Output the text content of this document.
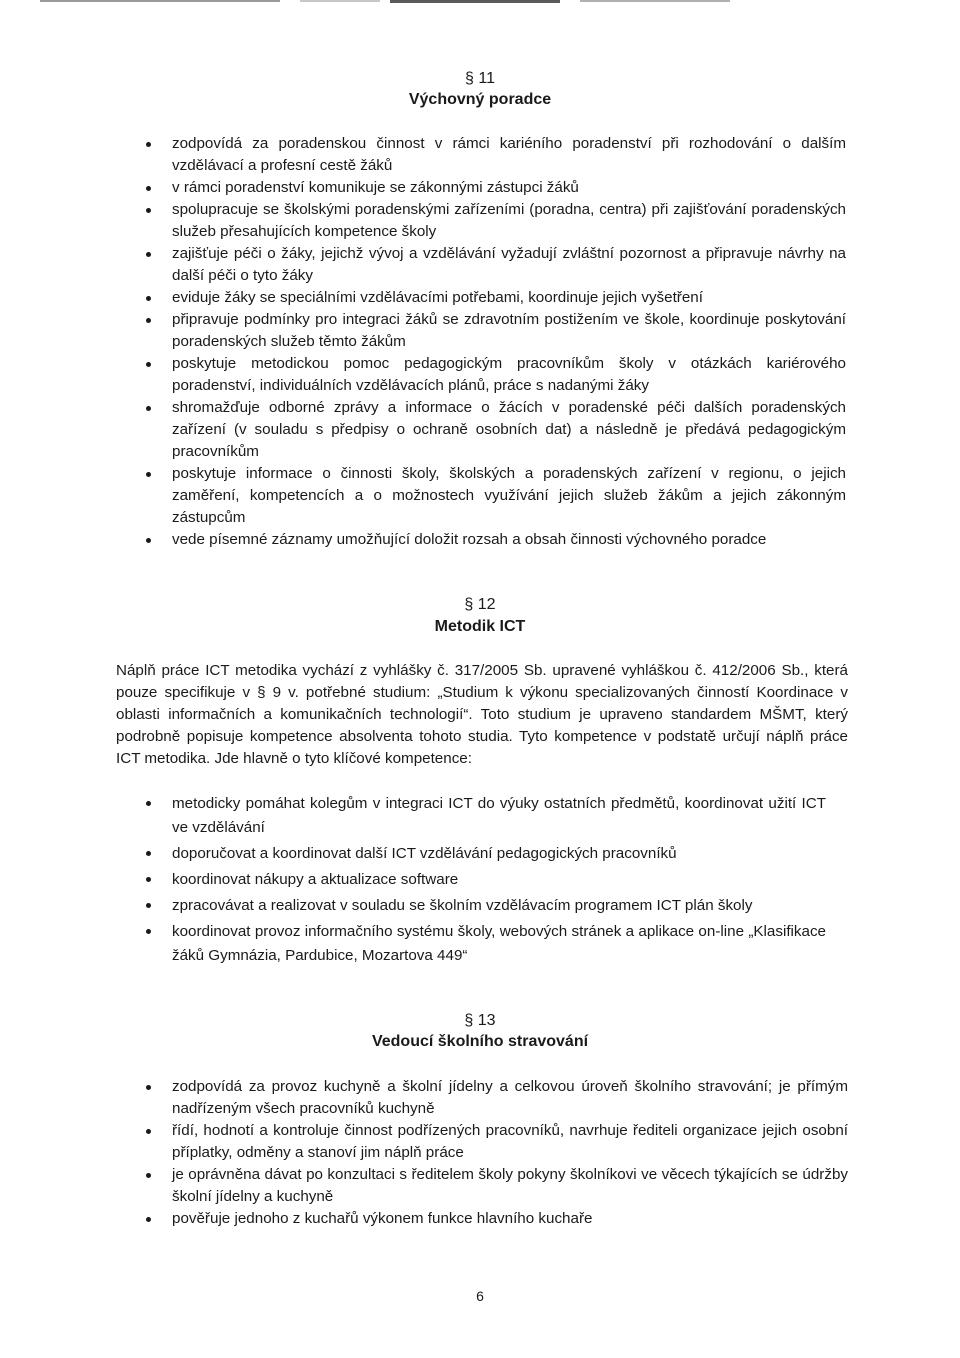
§ 11
Výchovný poradce
zodpovídá za poradenskou činnost v rámci kariéního poradenství při rozhodování o dalším vzdělávací a profesní cestě žáků
v rámci poradenství komunikuje se zákonnými zástupci žáků
spolupracuje se školskými poradenskými zařízeními (poradna, centra) při zajišťování poradenských služeb přesahujících kompetence školy
zajišťuje péči o žáky, jejichž vývoj a vzdělávání vyžadují zvláštní pozornost a připravuje návrhy na další péči o tyto žáky
eviduje žáky se speciálními vzdělávacími potřebami, koordinuje jejich vyšetření
připravuje podmínky pro integraci žáků se zdravotním postižením ve škole, koordinuje poskytování poradenských služeb těmto žákům
poskytuje metodickou pomoc pedagogickým pracovníkům školy v otázkách kariérového poradenství, individuálních vzdělávacích plánů, práce s nadanými žáky
shromažďuje odborné zprávy a informace o žácích v poradenské péči dalších poradenských zařízení (v souladu s předpisy o ochraně osobních dat) a následně je předává pedagogickým pracovníkům
poskytuje informace o činnosti školy, školských a poradenských zařízení v regionu, o jejich zaměření, kompetencích a o možnostech využívání jejich služeb žákům a jejich zákonným zástupcům
vede písemné záznamy umožňující doložit rozsah a obsah činnosti výchovného poradce
§ 12
Metodik ICT

Náplň práce ICT metodika vychází z vyhlášky č. 317/2005 Sb. upravené vyhláškou č. 412/2006 Sb., která pouze specifikuje v § 9 v. potřebné studium: „Studium k výkonu specializovaných činností Koordinace v oblasti informačních a komunikačních technologií“. Toto studium je upraveno standardem MŠMT, který podrobně popisuje kompetence absolventa tohoto studia. Tyto kompetence v podstatě určují náplň práce ICT metodika. Jde hlavně o tyto klíčové kompetence:

metodicky pomáhat kolegům v integraci ICT do výuky ostatních předmětů, koordinovat užití ICT ve vzdělávání
doporučovat a koordinovat další ICT vzdělávání pedagogických pracovníků
koordinovat nákupy a aktualizace software
zpracovávat a realizovat v souladu se školním vzdělávacím programem ICT plán školy
koordinovat provoz informačního systému školy, webových stránek a aplikace on-line „Klasifikace žáků Gymnázia, Pardubice, Mozartova 449“
§ 13
Vedoucí školního stravování
zodpovídá za provoz kuchyně a školní jídelny a celkovou úroveň školního stravování; je přímým nadřízeným všech pracovníků kuchyně
řídí, hodnotí a kontroluje činnost podřízených pracovníků, navrhuje řediteli organizace jejich osobní příplatky, odměny a stanoví jim náplň práce
je oprávněna dávat po konzultaci s ředitelem školy pokyny školníkovi ve věcech týkajících se údržby školní jídelny a kuchyně
pověřuje jednoho z kuchařů výkonem funkce hlavního kuchaře
6
